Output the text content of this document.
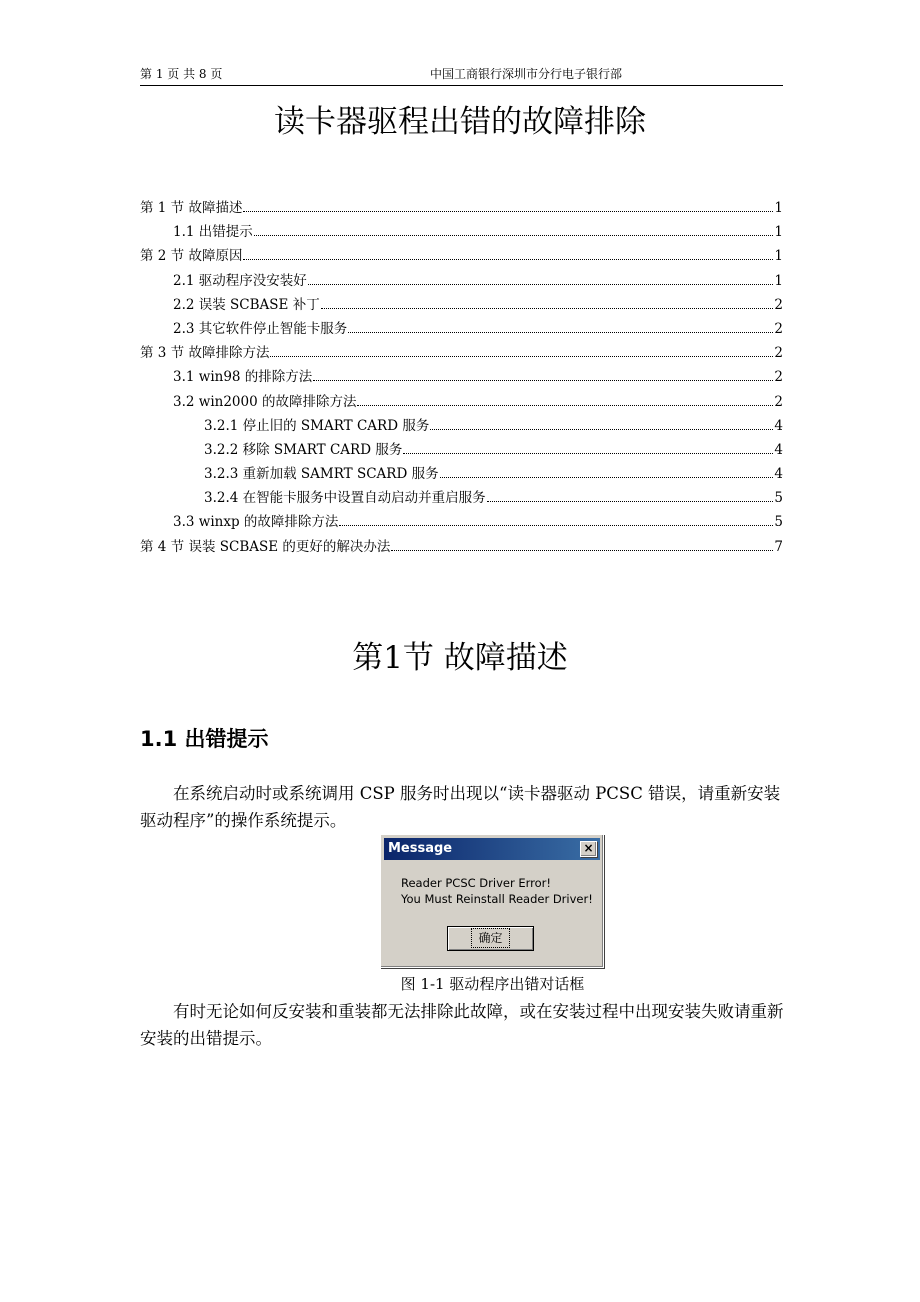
第 1 页 共 8 页	中国工商银行深圳市分行电子银行部
读卡器驱程出错的故障排除
第 1 节 故障描述	1
1.1 出错提示	1
第 2 节 故障原因	1
2.1 驱动程序没安装好	1
2.2 误装 SCBASE 补丁	2
2.3 其它软件停止智能卡服务	2
第 3 节 故障排除方法	2
3.1 win98 的排除方法	2
3.2 win2000 的故障排除方法	2
3.2.1 停止旧的 SMART CARD 服务	4
3.2.2 移除 SMART CARD 服务	4
3.2.3 重新加载 SAMRT SCARD 服务	4
3.2.4 在智能卡服务中设置自动启动并重启服务	5
3.3 winxp 的故障排除方法	5
第 4 节 误装 SCBASE 的更好的解决办法	7
第1节 故障描述
1.1 出错提示

在系统启动时或系统调用 CSP 服务时出现以“读卡器驱动 PCSC 错误，请重新安装驱动程序”的操作系统提示。

Message	×
Reader PCSC Driver Error!
You Must Reinstall Reader Driver!
确定
图 1-1 驱动程序出错对话框

有时无论如何反安装和重装都无法排除此故障，或在安装过程中出现安装失败请重新安装的出错提示。
